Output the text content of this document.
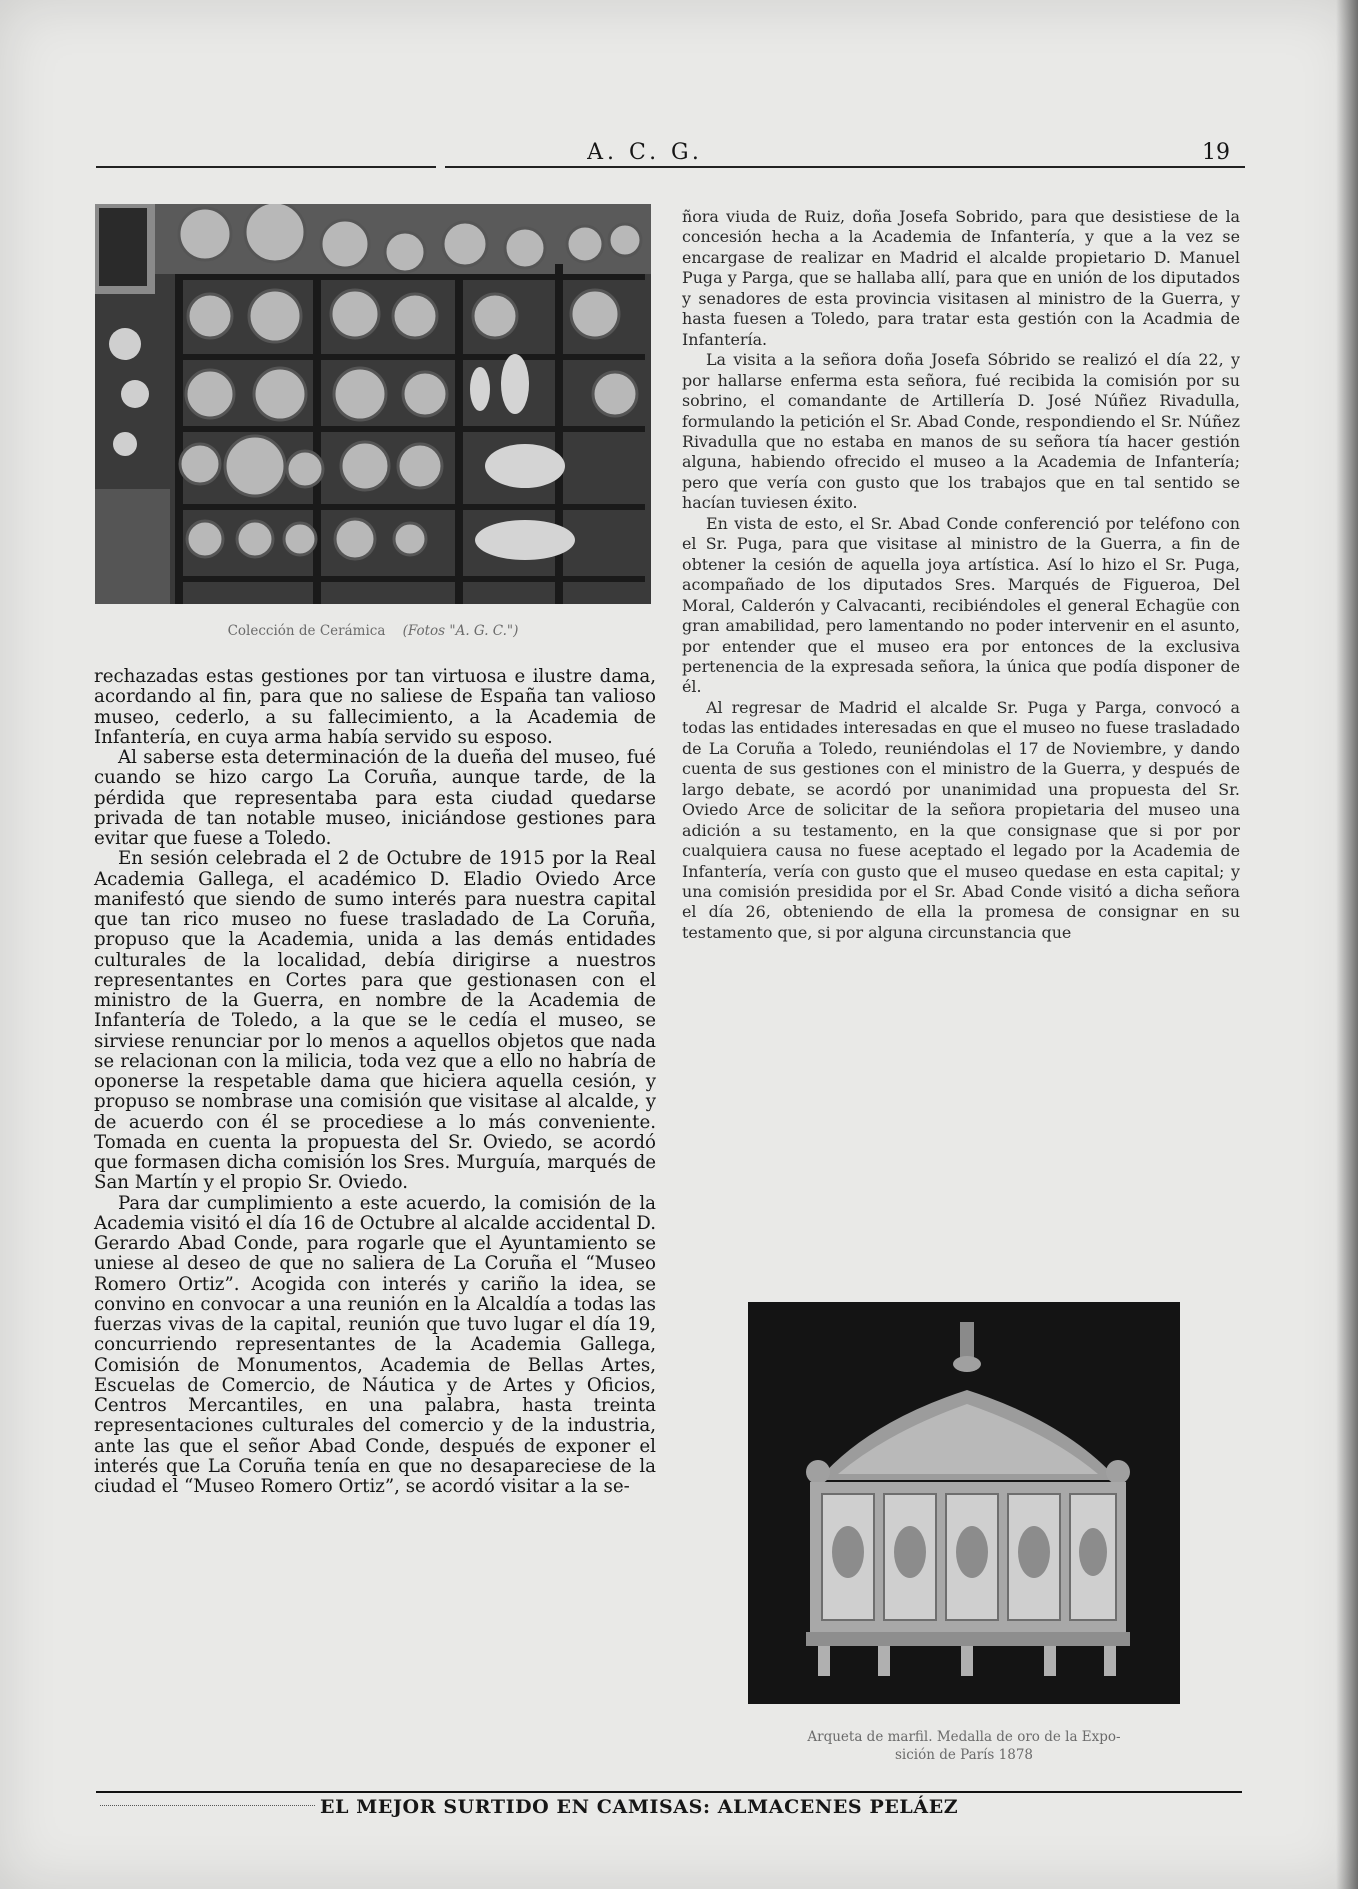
A. C. G.	19
Colección de Cerámica (Fotos "A. G. C.")

rechazadas estas gestiones por tan virtuosa e ilustre dama, acordando al fin, para que no saliese de España tan valioso museo, cederlo, a su fallecimiento, a la Academia de Infantería, en cuya arma había servido su esposo.

Al saberse esta determinación de la dueña del museo, fué cuando se hizo cargo La Coruña, aunque tarde, de la pérdida que representaba para esta ciudad quedarse privada de tan notable museo, iniciándose gestiones para evitar que fuese a Toledo.

En sesión celebrada el 2 de Octubre de 1915 por la Real Academia Gallega, el académico D. Eladio Oviedo Arce manifestó que siendo de sumo interés para nuestra capital que tan rico museo no fuese trasladado de La Coruña, propuso que la Academia, unida a las demás entidades culturales de la localidad, debía dirigirse a nuestros representantes en Cortes para que gestionasen con el ministro de la Guerra, en nombre de la Academia de Infantería de Toledo, a la que se le cedía el museo, se sirviese renunciar por lo menos a aquellos objetos que nada se relacionan con la milicia, toda vez que a ello no habría de oponerse la respetable dama que hiciera aquella cesión, y propuso se nombrase una comisión que visitase al alcalde, y de acuerdo con él se procediese a lo más conveniente. Tomada en cuenta la propuesta del Sr. Oviedo, se acordó que formasen dicha comisión los Sres. Murguía, marqués de San Martín y el propio Sr. Oviedo.

Para dar cumplimiento a este acuerdo, la comisión de la Academia visitó el día 16 de Octubre al alcalde accidental D. Gerardo Abad Conde, para rogarle que el Ayuntamiento se uniese al deseo de que no saliera de La Coruña el “Museo Romero Ortiz”. Acogida con interés y cariño la idea, se convino en convocar a una reunión en la Alcaldía a todas las fuerzas vivas de la capital, reunión que tuvo lugar el día 19, concurriendo representantes de la Academia Gallega, Comisión de Monumentos, Academia de Bellas Artes, Escuelas de Comercio, de Náutica y de Artes y Oficios, Centros Mercantiles, en una palabra, hasta treinta representaciones culturales del comercio y de la industria, ante las que el señor Abad Conde, después de exponer el interés que La Coruña tenía en que no desapareciese de la ciudad el “Museo Romero Ortiz”, se acordó visitar a la se-

ñora viuda de Ruiz, doña Josefa Sobrido, para que desistiese de la concesión hecha a la Academia de Infantería, y que a la vez se encargase de realizar en Madrid el alcalde propietario D. Manuel Puga y Parga, que se hallaba allí, para que en unión de los diputados y senadores de esta provincia visitasen al ministro de la Guerra, y hasta fuesen a Toledo, para tratar esta gestión con la Acadmia de Infantería.

La visita a la señora doña Josefa Sóbrido se realizó el día 22, y por hallarse enferma esta señora, fué recibida la comisión por su sobrino, el comandante de Artillería D. José Núñez Rivadulla, formulando la petición el Sr. Abad Conde, respondiendo el Sr. Núñez Rivadulla que no estaba en manos de su señora tía hacer gestión alguna, habiendo ofrecido el museo a la Academia de Infantería; pero que vería con gusto que los trabajos que en tal sentido se hacían tuviesen éxito.

En vista de esto, el Sr. Abad Conde conferenció por teléfono con el Sr. Puga, para que visitase al ministro de la Guerra, a fin de obtener la cesión de aquella joya artística. Así lo hizo el Sr. Puga, acompañado de los diputados Sres. Marqués de Figueroa, Del Moral, Calderón y Calvacanti, recibiéndoles el general Echagüe con gran amabilidad, pero lamentando no poder intervenir en el asunto, por entender que el museo era por entonces de la exclusiva pertenencia de la expresada señora, la única que podía disponer de él.

Al regresar de Madrid el alcalde Sr. Puga y Parga, convocó a todas las entidades interesadas en que el museo no fuese trasladado de La Coruña a Toledo, reuniéndolas el 17 de Noviembre, y dando cuenta de sus gestiones con el ministro de la Guerra, y después de largo debate, se acordó por unanimidad una propuesta del Sr. Oviedo Arce de solicitar de la señora propietaria del museo una adición a su testamento, en la que consignase que si por por cualquiera causa no fuese aceptado el legado por la Academia de Infantería, vería con gusto que el museo quedase en esta capital; y una comisión presidida por el Sr. Abad Conde visitó a dicha señora el día 26, obteniendo de ella la promesa de consignar en su testamento que, si por alguna circunstancia que

Arqueta de marfil. Medalla de oro de la Expo-
sición de París 1878
EL MEJOR SURTIDO EN CAMISAS: ALMACENES PELÁEZ
